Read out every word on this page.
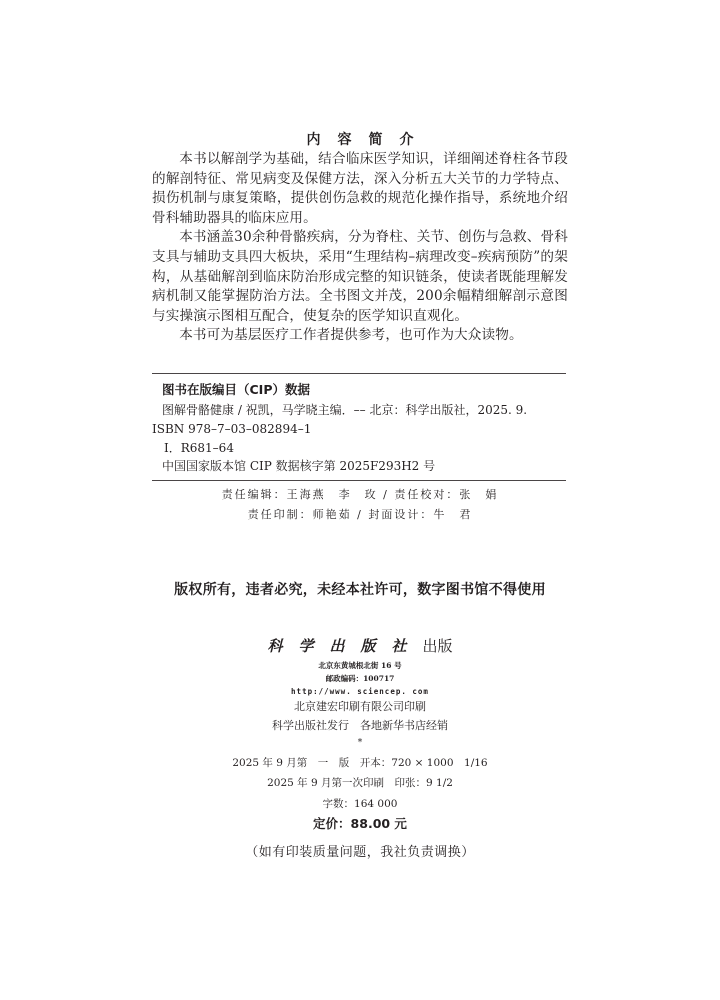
内容简介

本书以解剖学为基础，结合临床医学知识，详细阐述脊柱各节段的解剖特征、常见病变及保健方法，深入分析五大关节的力学特点、损伤机制与康复策略，提供创伤急救的规范化操作指导，系统地介绍骨科辅助器具的临床应用。

本书涵盖30余种骨骼疾病，分为脊柱、关节、创伤与急救、骨科支具与辅助支具四大板块，采用“生理结构–病理改变–疾病预防”的架构，从基础解剖到临床防治形成完整的知识链条，使读者既能理解发病机制又能掌握防治方法。全书图文并茂，200余幅精细解剖示意图与实操演示图相互配合，使复杂的医学知识直观化。

本书可为基层医疗工作者提供参考，也可作为大众读物。

图书在版编目（CIP）数据
图解骨骼健康 / 祝凯，马学晓主编．–– 北京：科学出版社，2025. 9.
ISBN 978–7–03–082894–1
Ⅰ．R681–64
中国国家版本馆 CIP 数据核字第 2025F293H2 号
责任编辑：王海燕　李　玫 / 责任校对：张　娟
责任印制：师艳茹 / 封面设计：牛　君
版权所有，违者必究，未经本社许可，数字图书馆不得使用
科学出版社出版
北京东黄城根北街 16 号
邮政编码：100717
http://www. sciencep. com
北京建宏印刷有限公司印刷
科学出版社发行　各地新华书店经销
*
2025 年 9 月第　一　版　开本：720 × 1000　1/16
2025 年 9 月第一次印刷　印张：9 1/2
字数：164 000
定价：88.00 元
（如有印装质量问题，我社负责调换）
